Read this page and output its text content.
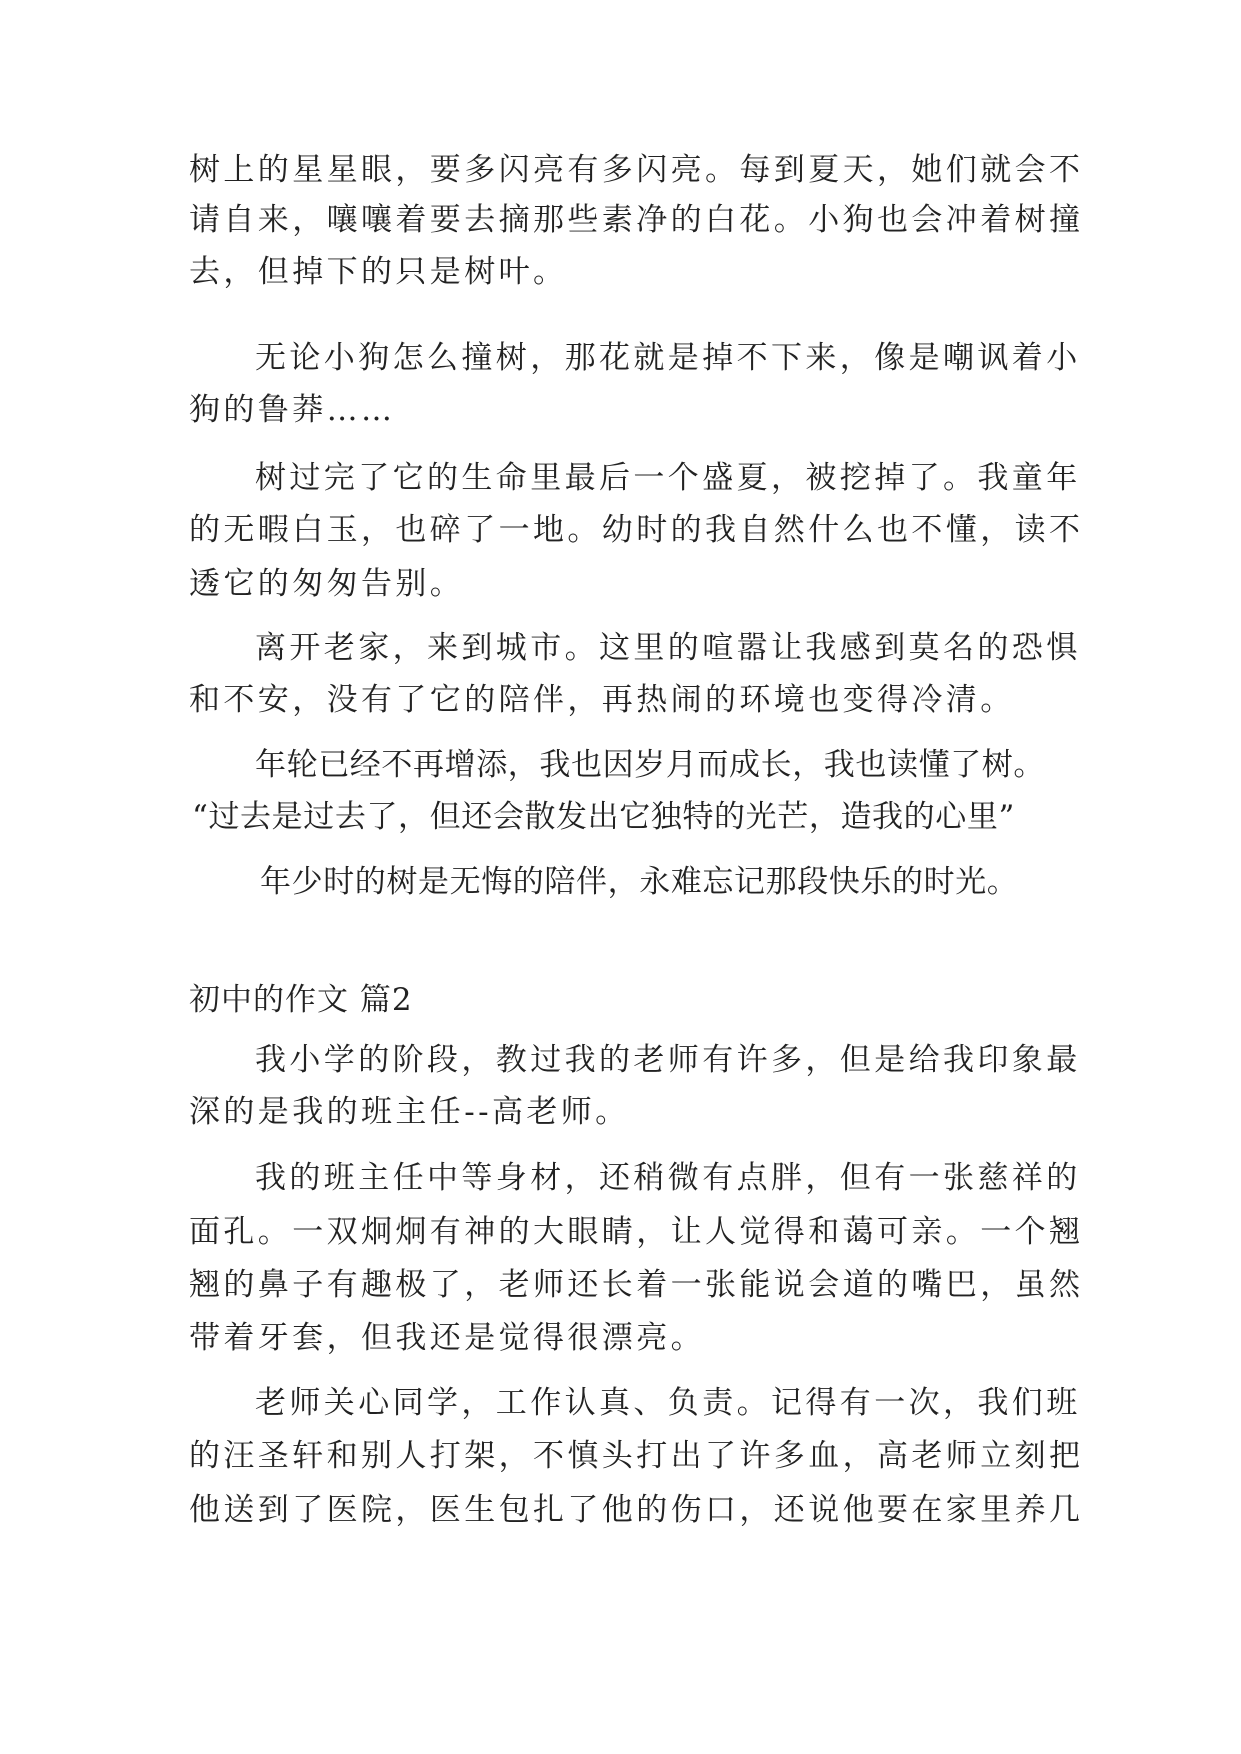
树上的星星眼，要多闪亮有多闪亮。每到夏天，她们就会不
请自来，嚷嚷着要去摘那些素净的白花。小狗也会冲着树撞
去，但掉下的只是树叶。
无论小狗怎么撞树，那花就是掉不下来，像是嘲讽着小
狗的鲁莽……
树过完了它的生命里最后一个盛夏，被挖掉了。我童年
的无暇白玉，也碎了一地。幼时的我自然什么也不懂，读不
透它的匆匆告别。
离开老家，来到城市。这里的喧嚣让我感到莫名的恐惧
和不安，没有了它的陪伴，再热闹的环境也变得冷清。
年轮已经不再增添，我也因岁月而成长，我也读懂了树。
“过去是过去了，但还会散发出它独特的光芒，造我的心里”
年少时的树是无悔的陪伴，永难忘记那段快乐的时光。
初中的作文 篇2
我小学的阶段，教过我的老师有许多，但是给我印象最
深的是我的班主任--高老师。
我的班主任中等身材，还稍微有点胖，但有一张慈祥的
面孔。一双炯炯有神的大眼睛，让人觉得和蔼可亲。一个翘
翘的鼻子有趣极了，老师还长着一张能说会道的嘴巴，虽然
带着牙套，但我还是觉得很漂亮。
老师关心同学，工作认真、负责。记得有一次，我们班
的汪圣轩和别人打架，不慎头打出了许多血，高老师立刻把
他送到了医院，医生包扎了他的伤口，还说他要在家里养几
